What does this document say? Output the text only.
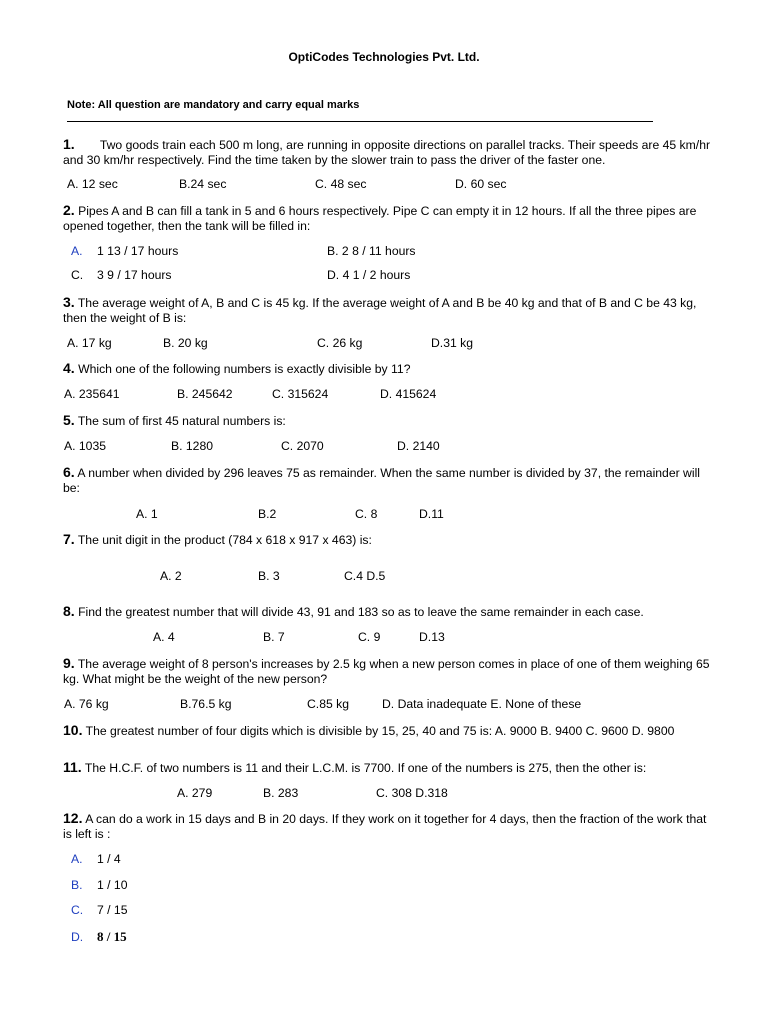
OptiCodes Technologies Pvt. Ltd.
Note: All question are mandatory and carry equal marks
1. Two goods train each 500 m long, are running in opposite directions on parallel tracks. Their speeds are 45 km/hr and 30 km/hr respectively. Find the time taken by the slower train to pass the driver of the faster one.
A. 12 sec	B.24 sec	C. 48 sec	D. 60 sec
2. Pipes A and B can fill a tank in 5 and 6 hours respectively. Pipe C can empty it in 12 hours. If all the three pipes are opened together, then the tank will be filled in:
A. 1 13 / 17 hours	B. 2 8 / 11 hours
C. 3 9 / 17 hours	D. 4 1 / 2 hours
3. The average weight of A, B and C is 45 kg. If the average weight of A and B be 40 kg and that of B and C be 43 kg, then the weight of B is:
A. 17 kg	B. 20 kg	C. 26 kg	D.31 kg
4. Which one of the following numbers is exactly divisible by 11?
A. 235641	B. 245642	C. 315624	D. 415624
5. The sum of first 45 natural numbers is:
A. 1035	B. 1280	C. 2070	D. 2140
6. A number when divided by 296 leaves 75 as remainder. When the same number is divided by 37, the remainder will be:
A. 1	B.2	C. 8	D.11
7. The unit digit in the product (784 x 618 x 917 x 463) is:
A. 2	B. 3	C.4 D.5
8. Find the greatest number that will divide 43, 91 and 183 so as to leave the same remainder in each case.
A. 4	B. 7	C. 9	D.13
9. The average weight of 8 person's increases by 2.5 kg when a new person comes in place of one of them weighing 65 kg. What might be the weight of the new person?
A. 76 kg	B.76.5 kg	C.85 kg	D. Data inadequate E. None of these
10. The greatest number of four digits which is divisible by 15, 25, 40 and 75 is: A. 9000 B. 9400 C. 9600 D. 9800
11. The H.C.F. of two numbers is 11 and their L.C.M. is 7700. If one of the numbers is 275, then the other is:
A. 279	B. 283	C. 308 D.318
12. A can do a work in 15 days and B in 20 days. If they work on it together for 4 days, then the fraction of the work that is left is :
A. 1 / 4
B. 1 / 10
C. 7 / 15
D. 8 / 15
